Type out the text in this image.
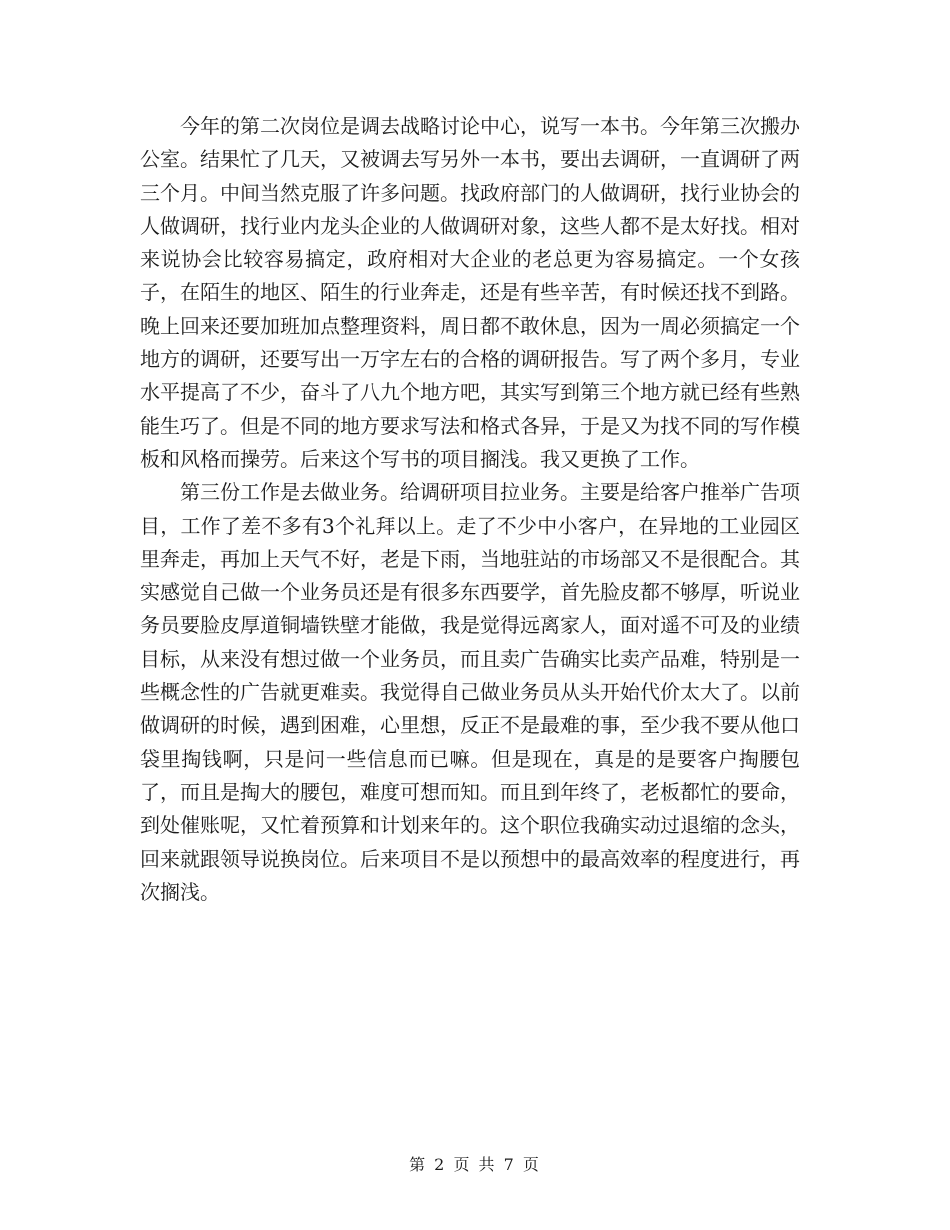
今年的第二次岗位是调去战略讨论中心，说写一本书。今年第三次搬办公室。结果忙了几天，又被调去写另外一本书，要出去调研，一直调研了两三个月。中间当然克服了许多问题。找政府部门的人做调研，找行业协会的人做调研，找行业内龙头企业的人做调研对象，这些人都不是太好找。相对来说协会比较容易搞定，政府相对大企业的老总更为容易搞定。一个女孩子，在陌生的地区、陌生的行业奔走，还是有些辛苦，有时候还找不到路。晚上回来还要加班加点整理资料，周日都不敢休息，因为一周必须搞定一个地方的调研，还要写出一万字左右的合格的调研报告。写了两个多月，专业水平提高了不少，奋斗了八九个地方吧，其实写到第三个地方就已经有些熟能生巧了。但是不同的地方要求写法和格式各异，于是又为找不同的写作模板和风格而操劳。后来这个写书的项目搁浅。我又更换了工作。

第三份工作是去做业务。给调研项目拉业务。主要是给客户推举广告项目，工作了差不多有3个礼拜以上。走了不少中小客户，在异地的工业园区里奔走，再加上天气不好，老是下雨，当地驻站的市场部又不是很配合。其实感觉自己做一个业务员还是有很多东西要学，首先脸皮都不够厚，听说业务员要脸皮厚道铜墙铁壁才能做，我是觉得远离家人，面对遥不可及的业绩目标，从来没有想过做一个业务员，而且卖广告确实比卖产品难，特别是一些概念性的广告就更难卖。我觉得自己做业务员从头开始代价太大了。以前做调研的时候，遇到困难，心里想，反正不是最难的事，至少我不要从他口袋里掏钱啊，只是问一些信息而已嘛。但是现在，真是的是要客户掏腰包了，而且是掏大的腰包，难度可想而知。而且到年终了，老板都忙的要命，到处催账呢，又忙着预算和计划来年的。这个职位我确实动过退缩的念头，回来就跟领导说换岗位。后来项目不是以预想中的最高效率的程度进行，再次搁浅。

第 2 页 共 7 页
